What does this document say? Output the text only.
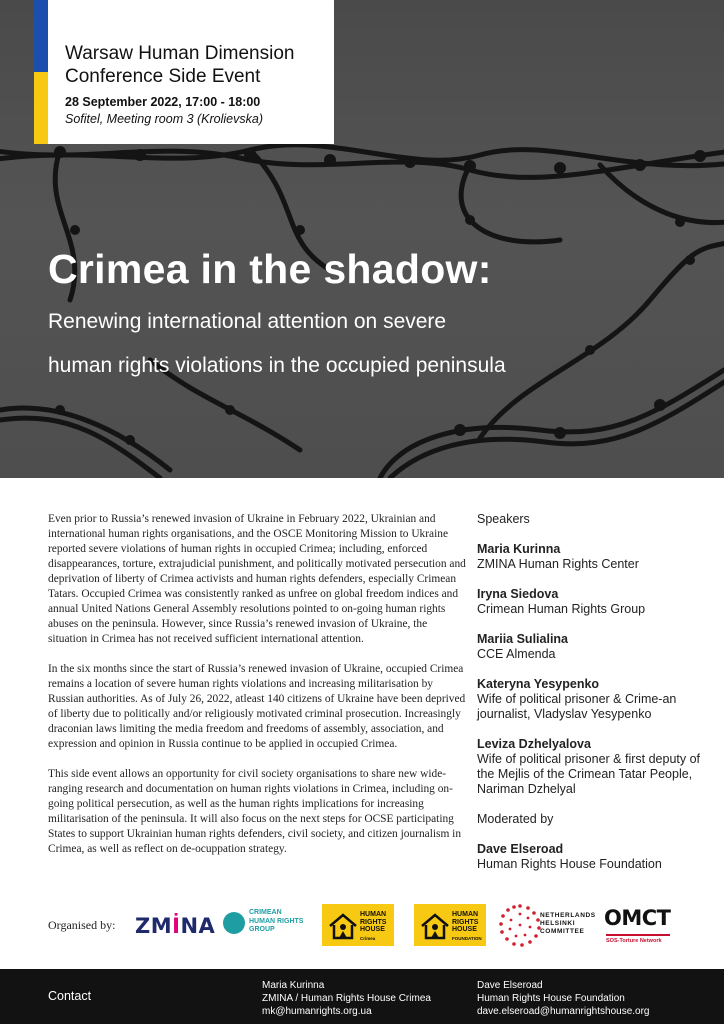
Warsaw Human Dimension
Conference Side Event
28 September 2022, 17:00 - 18:00
Sofitel, Meeting room 3 (Krolievska)
Crimea in the shadow:
Renewing international attention on severe
human rights violations in the occupied peninsula

Even prior to Russia’s renewed invasion of Ukraine in February 2022, Ukrainian and international human rights organisations, and the OSCE Monitoring Mission to Ukraine reported severe violations of human rights in occupied Crimea; including, enforced disappearances, torture, extrajudicial punishment, and politically motivated persecution and deprivation of liberty of Crimea activists and human rights defenders, especially Crimean Tatars. Occupied Crimea was consistently ranked as unfree on global freedom indices and annual United Nations General Assembly resolutions pointed to on-going human rights abuses on the peninsula. However, since Russia’s renewed invasion of Ukraine, the situation in Crimea has not received sufficient international attention.

In the six months since the start of Russia’s renewed invasion of Ukraine, occupied Crimea remains a location of severe human rights violations and increasing militarisation by Russian authorities. As of July 26, 2022, atleast 140 citizens of Ukraine have been deprived of liberty due to politically and/or religiously motivated criminal prosecution. Increasingly draconian laws limiting the media freedom and freedoms of assembly, association, and expression and opinion in Russia continue to be applied in occupied Crimea.

This side event allows an opportunity for civil society organisations to share new wide-ranging research and documentation on human rights violations in Crimea, including on-going political persecution, as well as the human rights implications for increasing militarisation of the peninsula. It will also focus on the next steps for OCSE participating States to support Ukrainian human rights defenders, civil society, and citizen journalism in Crimea, as well as reflect on de-ocuppation strategy.

Speakers
Maria Kurinna
ZMINA Human Rights Center
Iryna Siedova
Crimean Human Rights Group
Mariia Sulialina
CCE Almenda
Kateryna Yesypenko
Wife of political prisoner & Crime-an journalist, Vladyslav Yesypenko
Leviza Dzhelyalova
Wife of political prisoner & first deputy of the Mejlis of the Crimean Tatar People, Nariman Dzhelyal
Moderated by
Dave Elseroad
Human Rights House Foundation
Organised by: ZMİNA
CRIMEAN
HUMAN RIGHTS
GROUP
HUMAN
RIGHTS
HOUSE
Crimea
HUMAN
RIGHTS
HOUSE
FOUNDATION
NETHERLANDS
HELSINKI
COMMITTEE
OMCT
SOS-Torture Network
Contact
Maria Kurinna
ZMINA / Human Rights House Crimea
mk@humanrights.org.ua
Dave Elseroad
Human Rights House Foundation
dave.elseroad@humanrightshouse.org
